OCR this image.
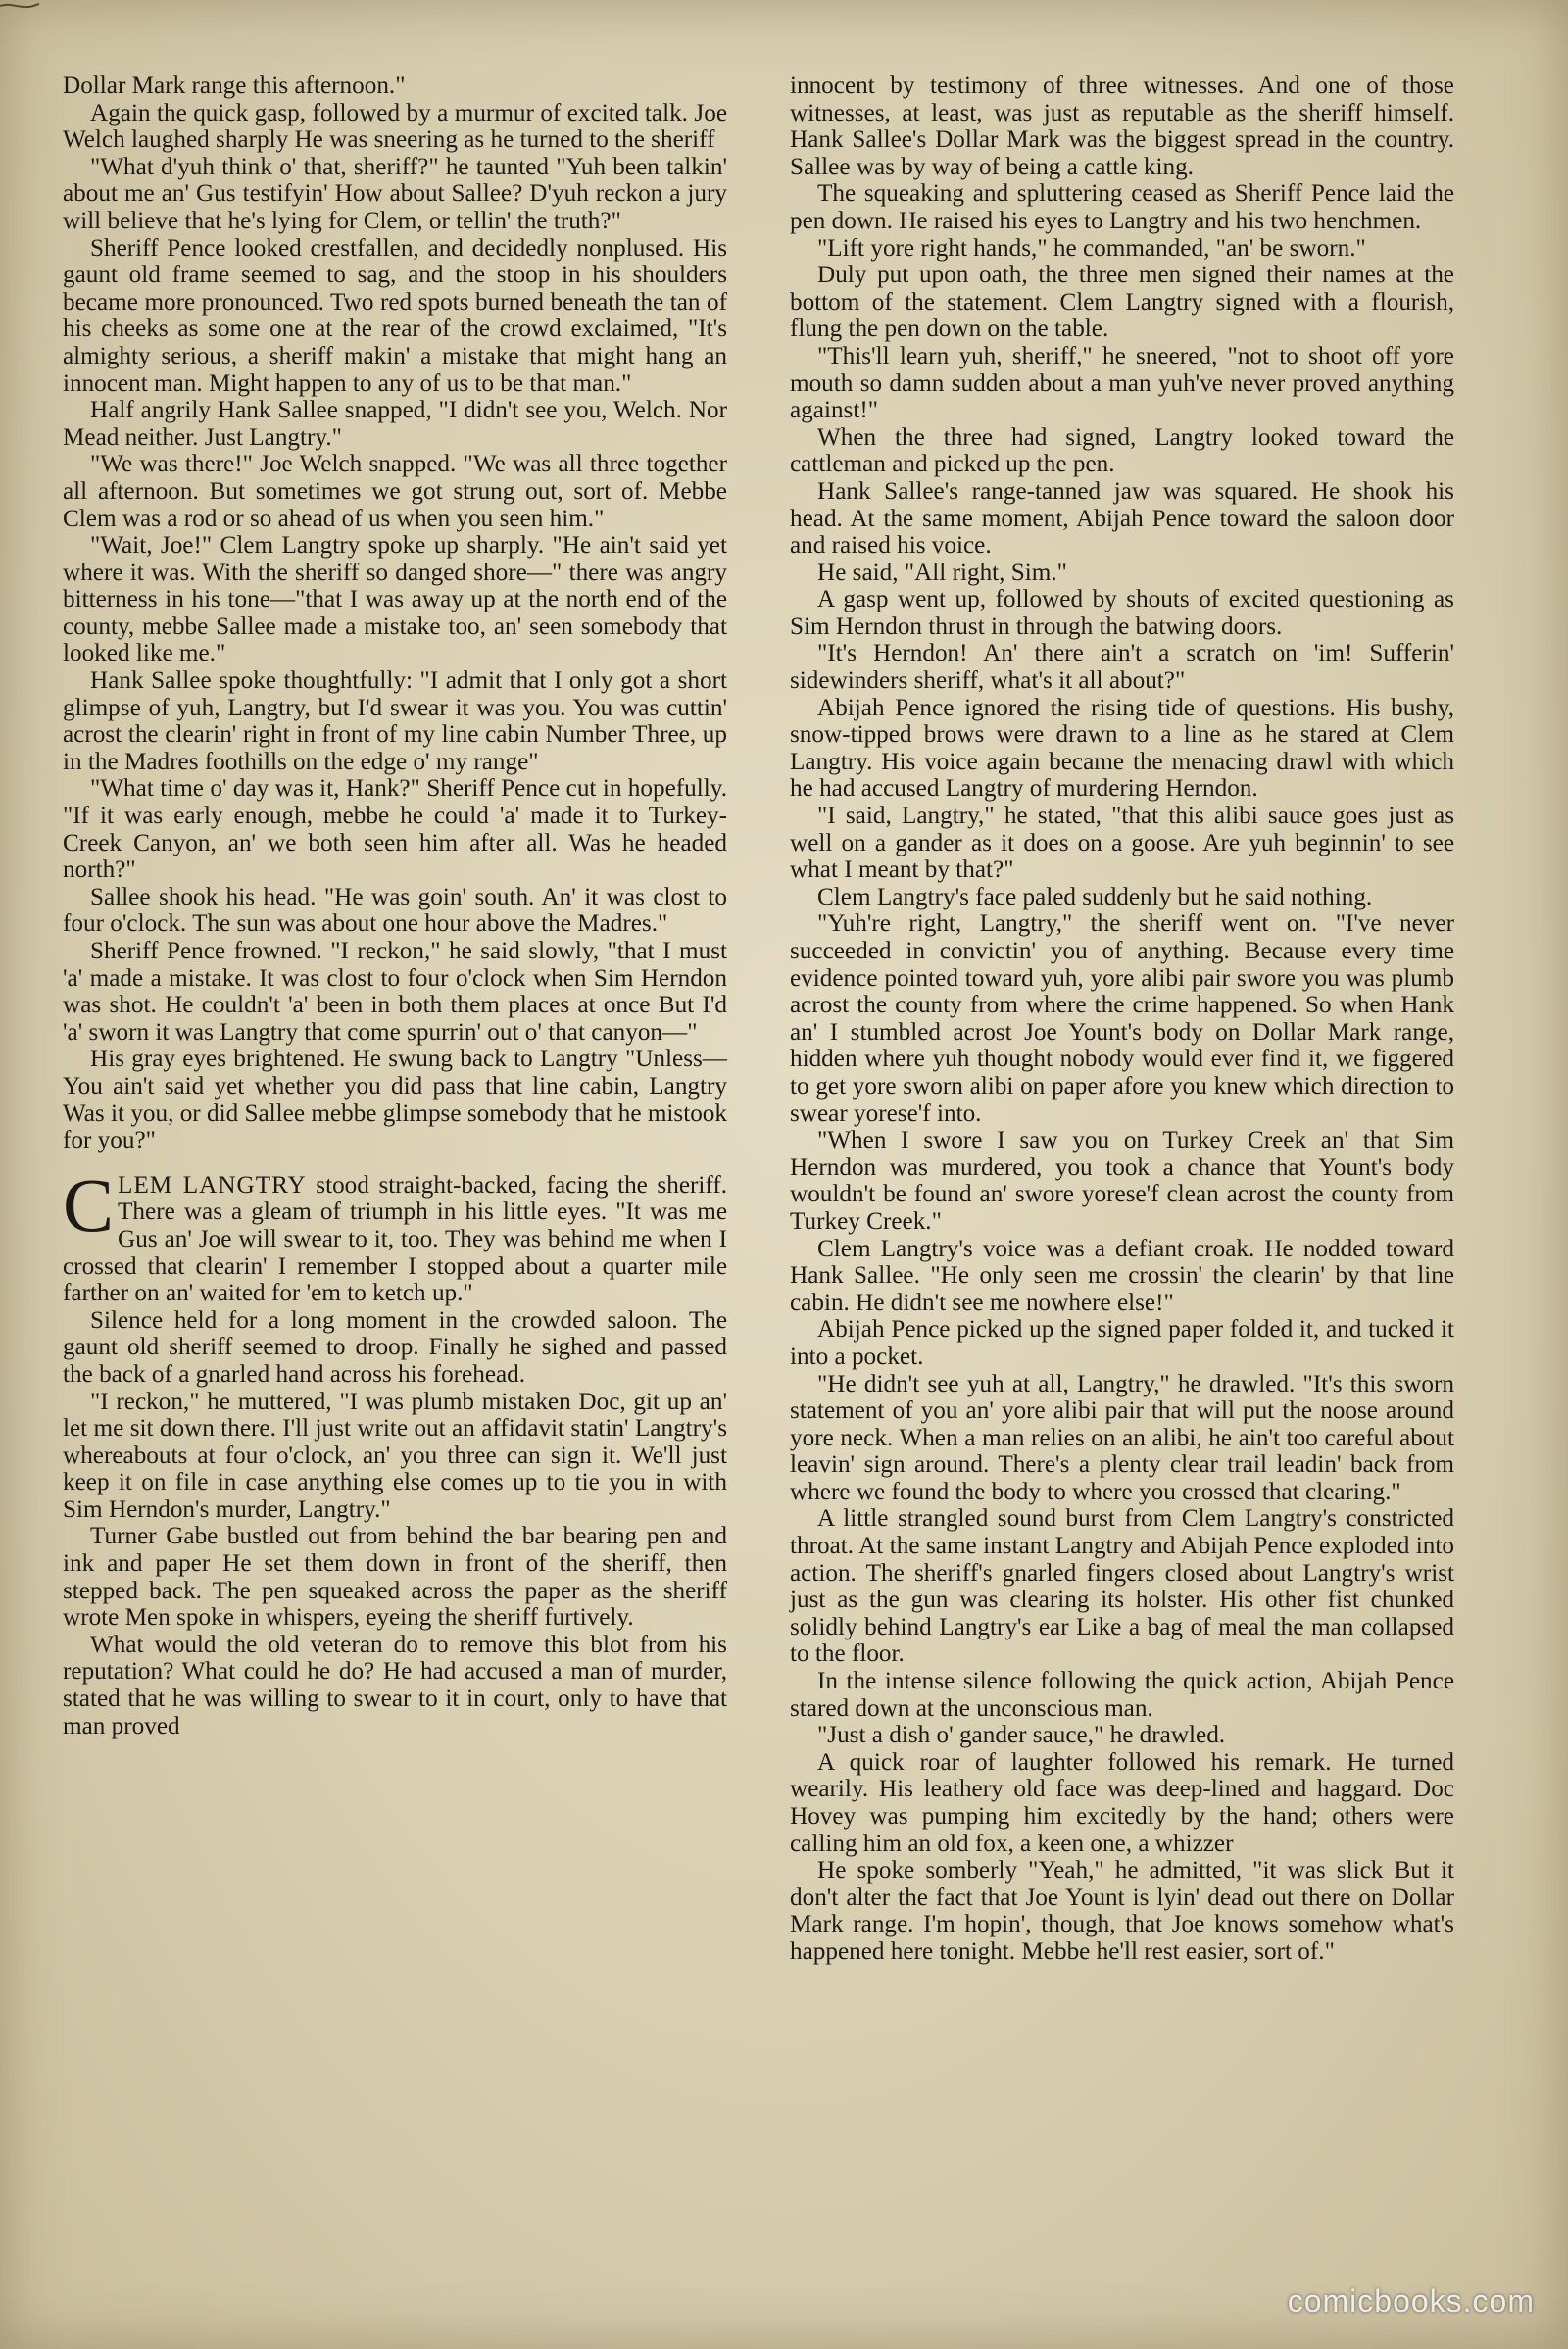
Dollar Mark range this afternoon."

Again the quick gasp, followed by a murmur of excited talk. Joe Welch laughed sharply He was sneering as he turned to the sheriff

"What d'yuh think o' that, sheriff?" he taunted "Yuh been talkin' about me an' Gus testifyin' How about Sallee? D'yuh reckon a jury will believe that he's lying for Clem, or tellin' the truth?"

Sheriff Pence looked crestfallen, and decidedly nonplused. His gaunt old frame seemed to sag, and the stoop in his shoulders became more pronounced. Two red spots burned beneath the tan of his cheeks as some one at the rear of the crowd exclaimed, "It's almighty serious, a sheriff makin' a mistake that might hang an innocent man. Might happen to any of us to be that man."

Half angrily Hank Sallee snapped, "I didn't see you, Welch. Nor Mead neither. Just Langtry."

"We was there!" Joe Welch snapped. "We was all three together all afternoon. But sometimes we got strung out, sort of. Mebbe Clem was a rod or so ahead of us when you seen him."

"Wait, Joe!" Clem Langtry spoke up sharply. "He ain't said yet where it was. With the sheriff so danged shore—" there was angry bitterness in his tone—"that I was away up at the north end of the county, mebbe Sallee made a mistake too, an' seen somebody that looked like me."

Hank Sallee spoke thoughtfully: "I admit that I only got a short glimpse of yuh, Langtry, but I'd swear it was you. You was cuttin' acrost the clearin' right in front of my line cabin Number Three, up in the Madres foothills on the edge o' my range"

"What time o' day was it, Hank?" Sheriff Pence cut in hopefully. "If it was early enough, mebbe he could 'a' made it to Turkey-Creek Canyon, an' we both seen him after all. Was he headed north?"

Sallee shook his head. "He was goin' south. An' it was clost to four o'clock. The sun was about one hour above the Madres."

Sheriff Pence frowned. "I reckon," he said slowly, "that I must 'a' made a mistake. It was clost to four o'clock when Sim Herndon was shot. He couldn't 'a' been in both them places at once But I'd 'a' sworn it was Langtry that come spurrin' out o' that canyon—"

His gray eyes brightened. He swung back to Langtry "Unless—You ain't said yet whether you did pass that line cabin, Langtry Was it you, or did Sallee mebbe glimpse somebody that he mistook for you?"

CLEM LANGTRY stood straight-backed, facing the sheriff. There was a gleam of triumph in his little eyes. "It was me Gus an' Joe will swear to it, too. They was behind me when I crossed that clearin' I remember I stopped about a quarter mile farther on an' waited for 'em to ketch up."

Silence held for a long moment in the crowded saloon. The gaunt old sheriff seemed to droop. Finally he sighed and passed the back of a gnarled hand across his forehead.

"I reckon," he muttered, "I was plumb mistaken Doc, git up an' let me sit down there. I'll just write out an affidavit statin' Langtry's whereabouts at four o'clock, an' you three can sign it. We'll just keep it on file in case anything else comes up to tie you in with Sim Herndon's murder, Langtry."

Turner Gabe bustled out from behind the bar bearing pen and ink and paper He set them down in front of the sheriff, then stepped back. The pen squeaked across the paper as the sheriff wrote Men spoke in whispers, eyeing the sheriff furtively.

What would the old veteran do to remove this blot from his reputation? What could he do? He had accused a man of murder, stated that he was willing to swear to it in court, only to have that man proved

innocent by testimony of three witnesses. And one of those witnesses, at least, was just as reputable as the sheriff himself. Hank Sallee's Dollar Mark was the biggest spread in the country. Sallee was by way of being a cattle king.

The squeaking and spluttering ceased as Sheriff Pence laid the pen down. He raised his eyes to Langtry and his two henchmen.

"Lift yore right hands," he commanded, "an' be sworn."

Duly put upon oath, the three men signed their names at the bottom of the statement. Clem Langtry signed with a flourish, flung the pen down on the table.

"This'll learn yuh, sheriff," he sneered, "not to shoot off yore mouth so damn sudden about a man yuh've never proved anything against!"

When the three had signed, Langtry looked toward the cattleman and picked up the pen.

Hank Sallee's range-tanned jaw was squared. He shook his head. At the same moment, Abijah Pence toward the saloon door and raised his voice.

He said, "All right, Sim."

A gasp went up, followed by shouts of excited questioning as Sim Herndon thrust in through the batwing doors.

"It's Herndon! An' there ain't a scratch on 'im! Sufferin' sidewinders sheriff, what's it all about?"

Abijah Pence ignored the rising tide of questions. His bushy, snow-tipped brows were drawn to a line as he stared at Clem Langtry. His voice again became the menacing drawl with which he had accused Langtry of murdering Herndon.

"I said, Langtry," he stated, "that this alibi sauce goes just as well on a gander as it does on a goose. Are yuh beginnin' to see what I meant by that?"

Clem Langtry's face paled suddenly but he said nothing.

"Yuh're right, Langtry," the sheriff went on. "I've never succeeded in convictin' you of anything. Because every time evidence pointed toward yuh, yore alibi pair swore you was plumb acrost the county from where the crime happened. So when Hank an' I stumbled acrost Joe Yount's body on Dollar Mark range, hidden where yuh thought nobody would ever find it, we figgered to get yore sworn alibi on paper afore you knew which direction to swear yorese'f into.

"When I swore I saw you on Turkey Creek an' that Sim Herndon was murdered, you took a chance that Yount's body wouldn't be found an' swore yorese'f clean acrost the county from Turkey Creek."

Clem Langtry's voice was a defiant croak. He nodded toward Hank Sallee. "He only seen me crossin' the clearin' by that line cabin. He didn't see me nowhere else!"

Abijah Pence picked up the signed paper folded it, and tucked it into a pocket.

"He didn't see yuh at all, Langtry," he drawled. "It's this sworn statement of you an' yore alibi pair that will put the noose around yore neck. When a man relies on an alibi, he ain't too careful about leavin' sign around. There's a plenty clear trail leadin' back from where we found the body to where you crossed that clearing."

A little strangled sound burst from Clem Langtry's constricted throat. At the same instant Langtry and Abijah Pence exploded into action. The sheriff's gnarled fingers closed about Langtry's wrist just as the gun was clearing its holster. His other fist chunked solidly behind Langtry's ear Like a bag of meal the man collapsed to the floor.

In the intense silence following the quick action, Abijah Pence stared down at the unconscious man.

"Just a dish o' gander sauce," he drawled.

A quick roar of laughter followed his remark. He turned wearily. His leathery old face was deep-lined and haggard. Doc Hovey was pumping him excitedly by the hand; others were calling him an old fox, a keen one, a whizzer

He spoke somberly "Yeah," he admitted, "it was slick But it don't alter the fact that Joe Yount is lyin' dead out there on Dollar Mark range. I'm hopin', though, that Joe knows somehow what's happened here tonight. Mebbe he'll rest easier, sort of."

comicbooks.com
